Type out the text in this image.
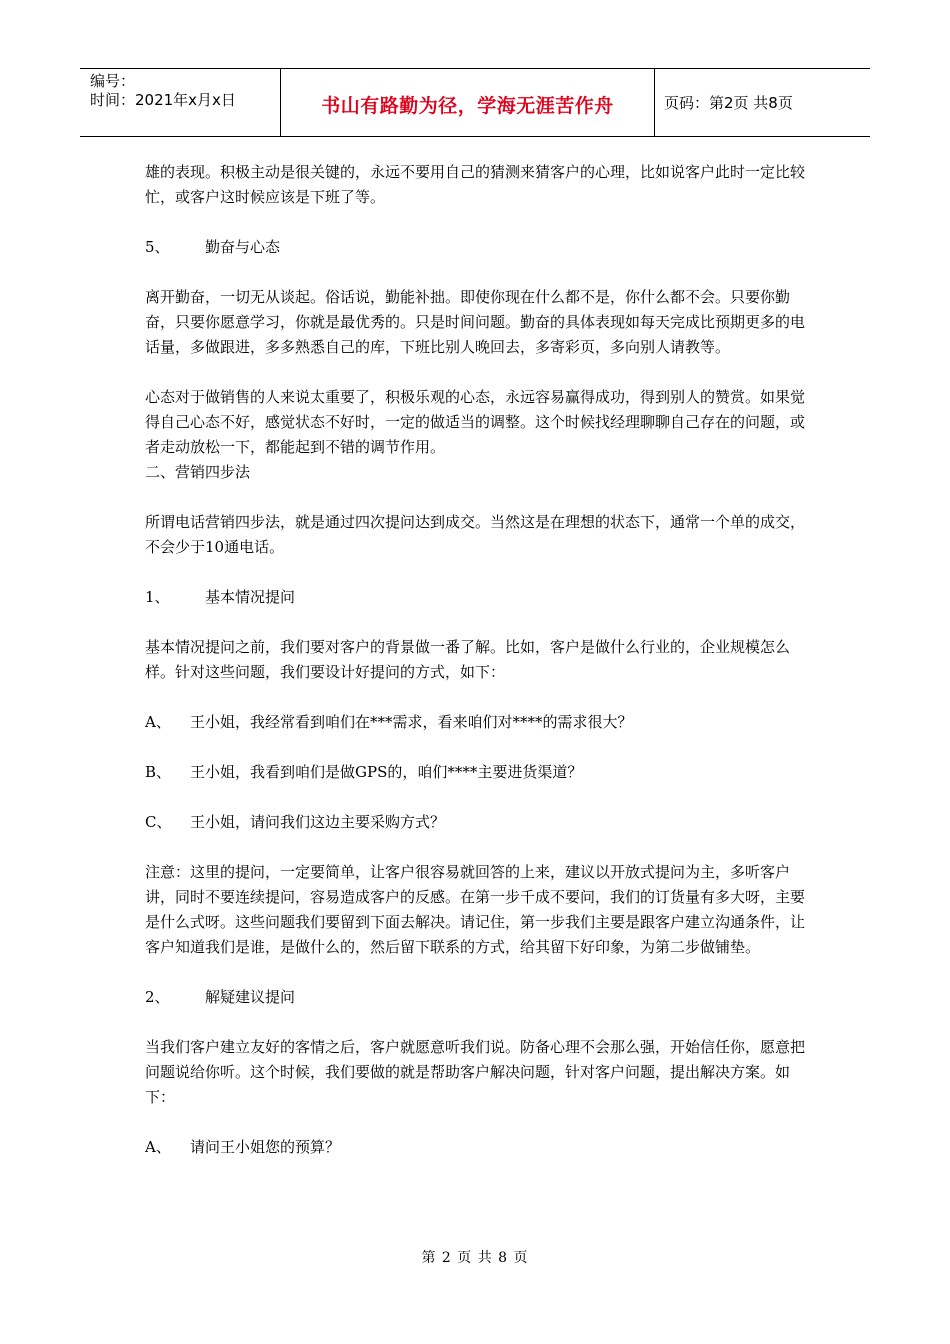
编号：
时间：2021年x月x日	书山有路勤为径，学海无涯苦作舟	页码：第2页 共8页

雄的表现。积极主动是很关键的，永远不要用自己的猜测来猜客户的心理，比如说客户此时一定比较忙，或客户这时候应该是下班了等。

5、 勤奋与心态

离开勤奋，一切无从谈起。俗话说，勤能补拙。即使你现在什么都不是，你什么都不会。只要你勤奋，只要你愿意学习，你就是最优秀的。只是时间问题。勤奋的具体表现如每天完成比预期更多的电话量，多做跟进，多多熟悉自己的库，下班比别人晚回去，多寄彩页，多向别人请教等。

心态对于做销售的人来说太重要了，积极乐观的心态，永远容易赢得成功，得到别人的赞赏。如果觉得自己心态不好，感觉状态不好时，一定的做适当的调整。这个时候找经理聊聊自己存在的问题，或者走动放松一下，都能起到不错的调节作用。

二、营销四步法

所谓电话营销四步法，就是通过四次提问达到成交。当然这是在理想的状态下，通常一个单的成交，不会少于10通电话。

1、 基本情况提问

基本情况提问之前，我们要对客户的背景做一番了解。比如，客户是做什么行业的，企业规模怎么样。针对这些问题，我们要设计好提问的方式，如下：

A、 王小姐，我经常看到咱们在***需求，看来咱们对****的需求很大？

B、 王小姐，我看到咱们是做GPS的，咱们****主要进货渠道？

C、 王小姐，请问我们这边主要采购方式？

注意：这里的提问，一定要简单，让客户很容易就回答的上来，建议以开放式提问为主，多听客户讲，同时不要连续提问，容易造成客户的反感。在第一步千成不要问，我们的订货量有多大呀，主要是什么式呀。这些问题我们要留到下面去解决。请记住，第一步我们主要是跟客户建立沟通条件，让客户知道我们是谁，是做什么的，然后留下联系的方式，给其留下好印象，为第二步做铺垫。

2、 解疑建议提问

当我们客户建立友好的客情之后，客户就愿意听我们说。防备心理不会那么强，开始信任你，愿意把问题说给你听。这个时候，我们要做的就是帮助客户解决问题，针对客户问题，提出解决方案。如下：

A、 请问王小姐您的预算？

第 2 页 共 8 页
